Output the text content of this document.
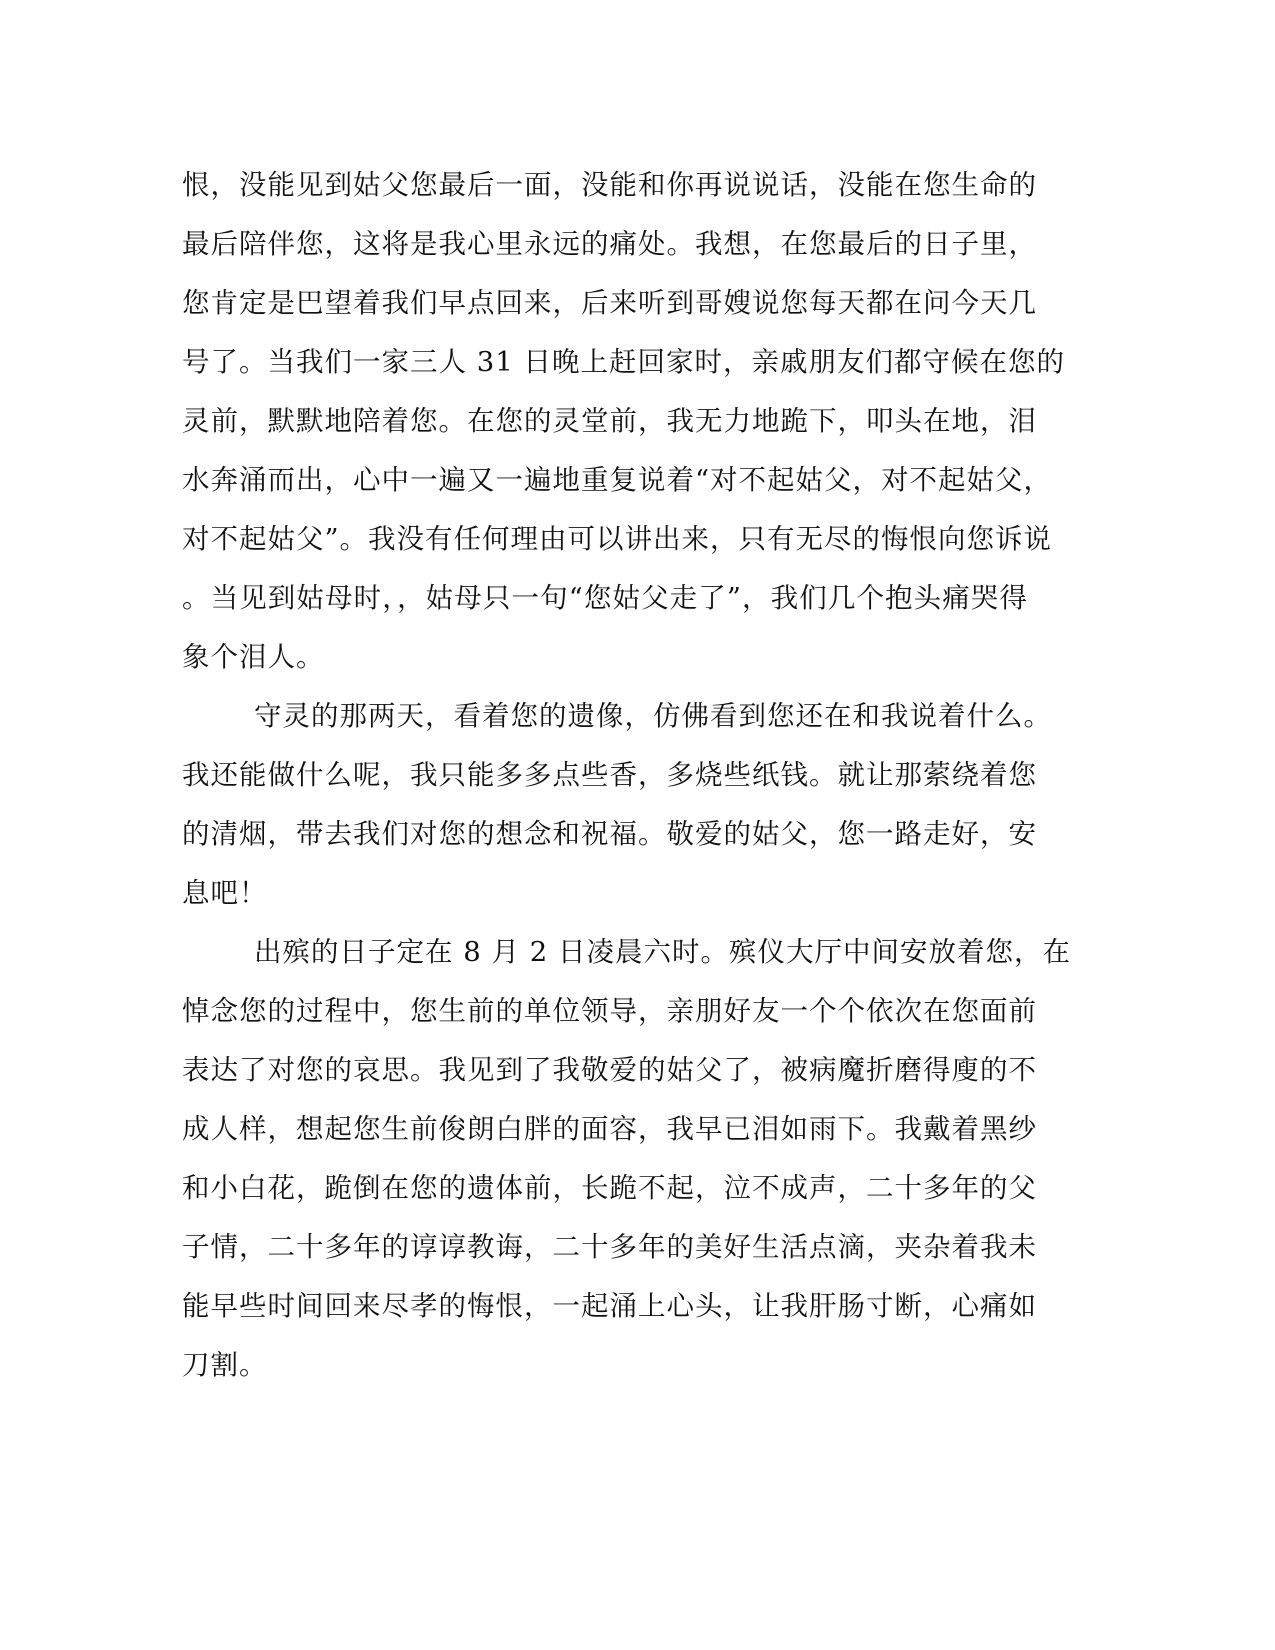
恨，没能见到姑父您最后一面，没能和你再说说话，没能在您生命的
最后陪伴您，这将是我心里永远的痛处。我想，在您最后的日子里，
您肯定是巴望着我们早点回来，后来听到哥嫂说您每天都在问今天几
号了。当我们一家三人 31 日晚上赶回家时，亲戚朋友们都守候在您的
灵前，默默地陪着您。在您的灵堂前，我无力地跪下，叩头在地，泪
水奔涌而出，心中一遍又一遍地重复说着“对不起姑父，对不起姑父，
对不起姑父”。我没有任何理由可以讲出来，只有无尽的悔恨向您诉说
。当见到姑母时，，姑母只一句“您姑父走了”，我们几个抱头痛哭得
象个泪人。
守灵的那两天，看着您的遗像，仿佛看到您还在和我说着什么。
我还能做什么呢，我只能多多点些香，多烧些纸钱。就让那萦绕着您
的清烟，带去我们对您的想念和祝福。敬爱的姑父，您一路走好，安
息吧！
出殡的日子定在 8 月 2 日凌晨六时。殡仪大厅中间安放着您，在
悼念您的过程中，您生前的单位领导，亲朋好友一个个依次在您面前
表达了对您的哀思。我见到了我敬爱的姑父了，被病魔折磨得廋的不
成人样，想起您生前俊朗白胖的面容，我早已泪如雨下。我戴着黑纱
和小白花，跪倒在您的遗体前，长跪不起，泣不成声，二十多年的父
子情，二十多年的谆谆教诲，二十多年的美好生活点滴，夹杂着我未
能早些时间回来尽孝的悔恨，一起涌上心头，让我肝肠寸断，心痛如
刀割。
